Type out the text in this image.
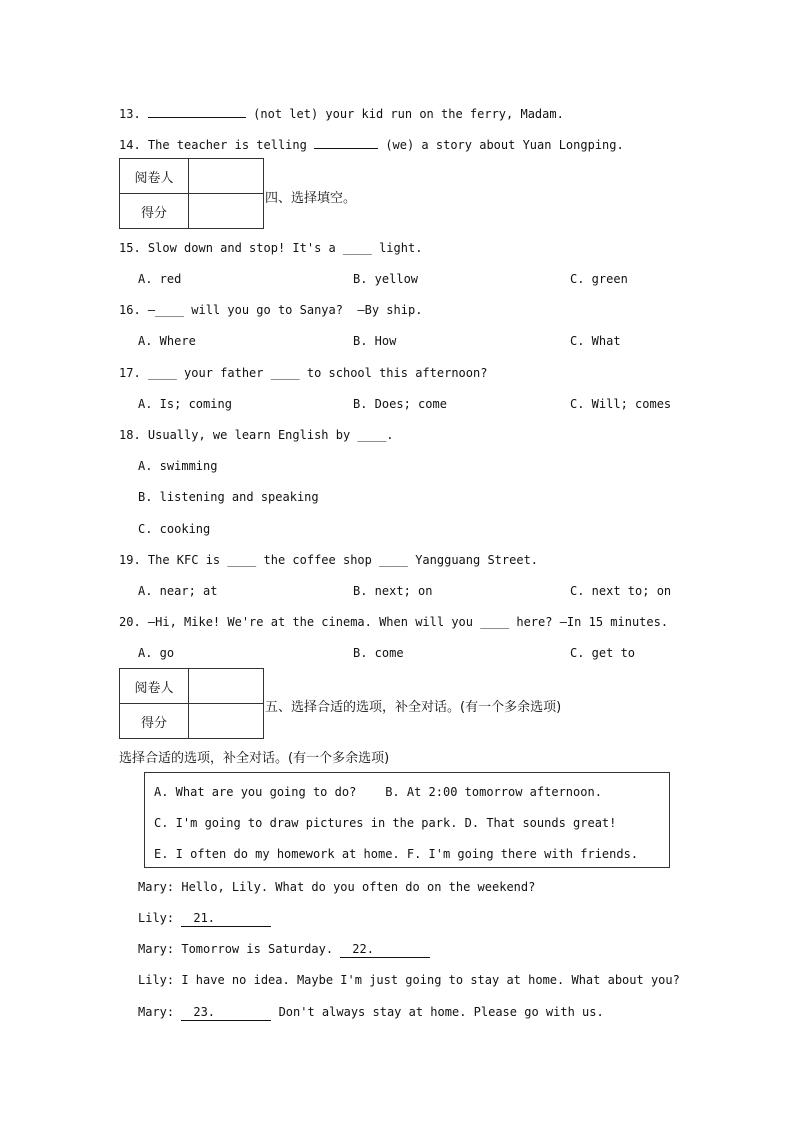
13.	(not let) your kid run on the ferry, Madam.
14. The teacher is telling	(we) a story about Yuan Longping.
阅卷人	
得分	
四、选择填空。
15. Slow down and stop! It's a ____ light.
A. red	B. yellow	C. green
16. —____ will you go to Sanya?  —By ship.
A. Where	B. How	C. What
17. ____ your father ____ to school this afternoon?
A. Is; coming	B. Does; come	C. Will; comes
18. Usually, we learn English by ____.
A. swimming
B. listening and speaking
C. cooking
19. The KFC is ____ the coffee shop ____ Yangguang Street.
A. near; at	B. next; on	C. next to; on
20. —Hi, Mike! We're at the cinema. When will you ____ here? —In 15 minutes.
A. go	B. come	C. get to
阅卷人	
得分	
五、选择合适的选项，补全对话。(有一个多余选项)
选择合适的选项，补全对话。(有一个多余选项)
A. What are you going to do?    B. At 2:00 tomorrow afternoon.
C. I'm going to draw pictures in the park. D. That sounds great!
E. I often do my homework at home. F. I'm going there with friends.
Mary: Hello, Lily. What do you often do on the weekend?
Lily: 21.
Mary: Tomorrow is Saturday. 22.
Lily: I have no idea. Maybe I'm just going to stay at home. What about you?
Mary: 23.	Don't always stay at home. Please go with us.
